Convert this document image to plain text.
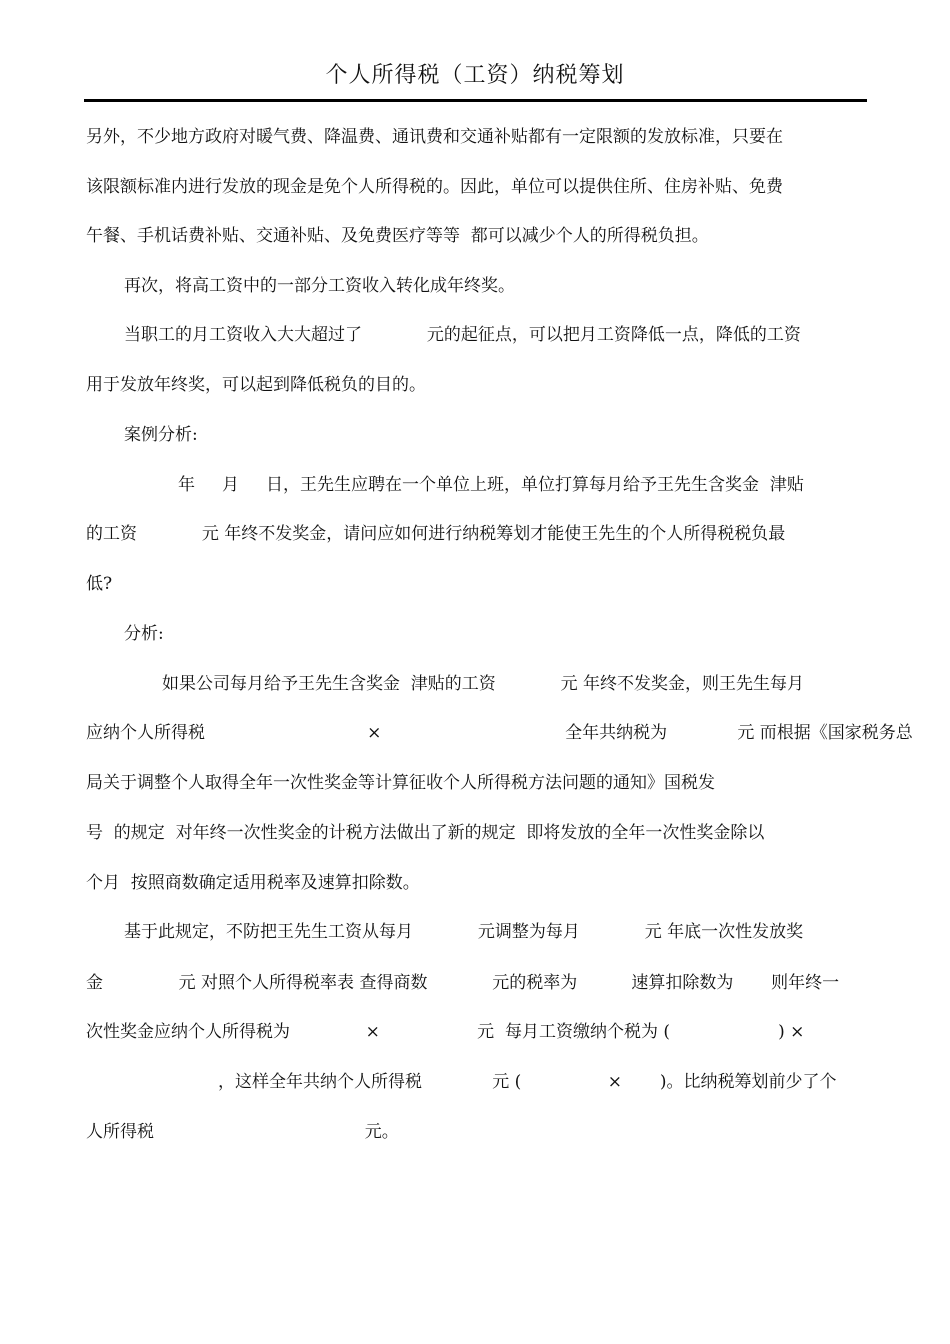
个人所得税（工资）纳税筹划
另外，不少地方政府对暖气费、降温费、通讯费和交通补贴都有一定限额的发放标准，只要在
该限额标准内进行发放的现金是免个人所得税的。因此，单位可以提供住所、住房补贴、免费
午餐、手机话费补贴、交通补贴、及免费医疗等等  都可以减少个人的所得税负担。
再次，将高工资中的一部分工资收入转化成年终奖。
当职工的月工资收入大大超过了            元的起征点，可以把月工资降低一点，降低的工资
用于发放年终奖，可以起到降低税负的目的。
案例分析:
年     月     日，王先生应聘在一个单位上班，单位打算每月给予王先生含奖金  津贴
的工资            元 年终不发奖金，请问应如何进行纳税筹划才能使王先生的个人所得税税负最
低?
分析:
如果公司每月给予王先生含奖金  津贴的工资            元 年终不发奖金，则王先生每月
应纳个人所得税                              ×                                  全年共纳税为             元 而根据《国家税务总
局关于调整个人取得全年一次性奖金等计算征收个人所得税方法问题的通知》国税发
号  的规定  对年终一次性奖金的计税方法做出了新的规定  即将发放的全年一次性奖金除以
个月  按照商数确定适用税率及速算扣除数。
基于此规定，不防把王先生工资从每月            元调整为每月            元 年底一次性发放奖
金              元 对照个人所得税率表 查得商数            元的税率为          速算扣除数为       则年终一
次性奖金应纳个人所得税为              ×                  元  每月工资缴纳个税为 (                    ) ×
，这样全年共纳个人所得税             元 (                ×       )。比纳税筹划前少了个
人所得税                                       元。
